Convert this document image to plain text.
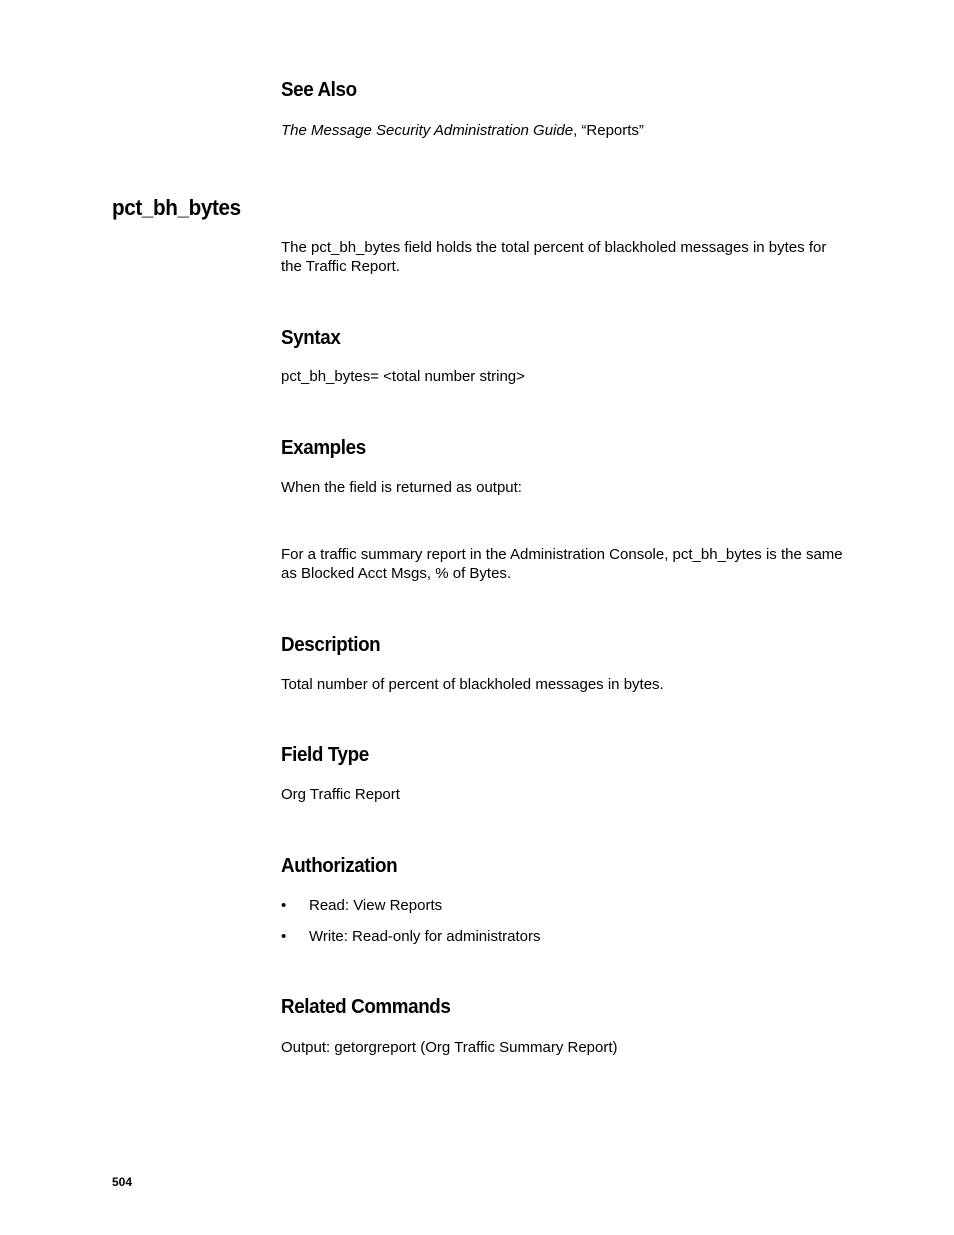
See Also
The Message Security Administration Guide, “Reports”
pct_bh_bytes
The pct_bh_bytes field holds the total percent of blackholed messages in bytes for the Traffic Report.
Syntax
pct_bh_bytes= <total number string>
Examples
When the field is returned as output:
For a traffic summary report in the Administration Console, pct_bh_bytes is the same as Blocked Acct Msgs, % of Bytes.
Description
Total number of percent of blackholed messages in bytes.
Field Type
Org Traffic Report
Authorization
• Read: View Reports
• Write: Read-only for administrators
Related Commands
Output: getorgreport (Org Traffic Summary Report)
504
